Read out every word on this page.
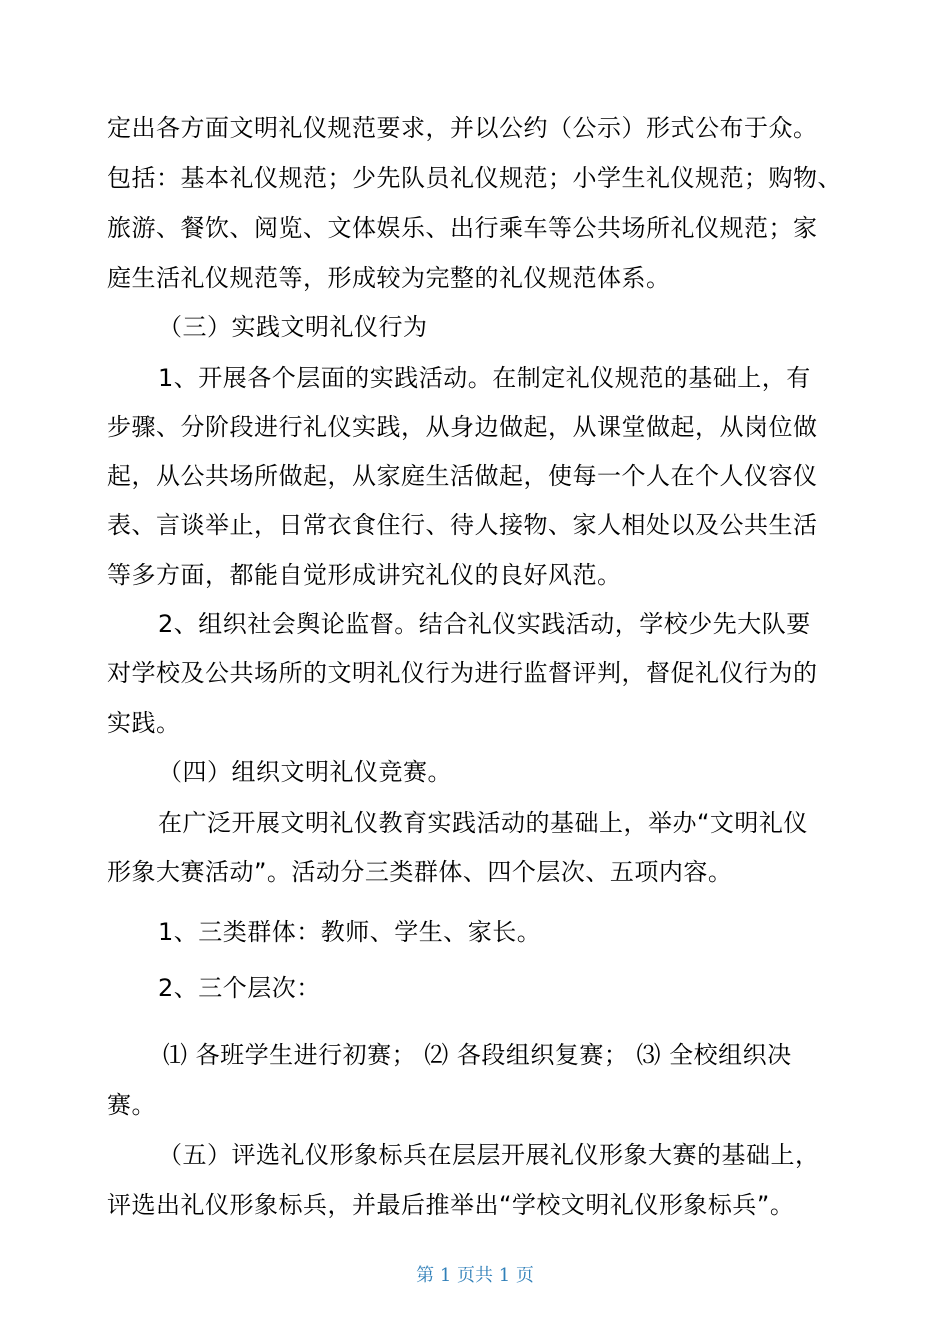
定出各方面文明礼仪规范要求，并以公约（公示）形式公布于众。
包括：基本礼仪规范；少先队员礼仪规范；小学生礼仪规范；购物、
旅游、餐饮、阅览、文体娱乐、出行乘车等公共场所礼仪规范；家
庭生活礼仪规范等，形成较为完整的礼仪规范体系。
（三）实践文明礼仪行为
1、开展各个层面的实践活动。在制定礼仪规范的基础上，有
步骤、分阶段进行礼仪实践，从身边做起，从课堂做起，从岗位做
起，从公共场所做起，从家庭生活做起，使每一个人在个人仪容仪
表、言谈举止，日常衣食住行、待人接物、家人相处以及公共生活
等多方面，都能自觉形成讲究礼仪的良好风范。
2、组织社会舆论监督。结合礼仪实践活动，学校少先大队要
对学校及公共场所的文明礼仪行为进行监督评判，督促礼仪行为的
实践。
（四）组织文明礼仪竞赛。
在广泛开展文明礼仪教育实践活动的基础上，举办“文明礼仪
形象大赛活动”。活动分三类群体、四个层次、五项内容。
1、三类群体：教师、学生、家长。
2、三个层次：
⑴ 各班学生进行初赛； ⑵ 各段组织复赛； ⑶ 全校组织决
赛。
（五）评选礼仪形象标兵在层层开展礼仪形象大赛的基础上，
评选出礼仪形象标兵，并最后推举出“学校文明礼仪形象标兵”。
第 1 页共 1 页
